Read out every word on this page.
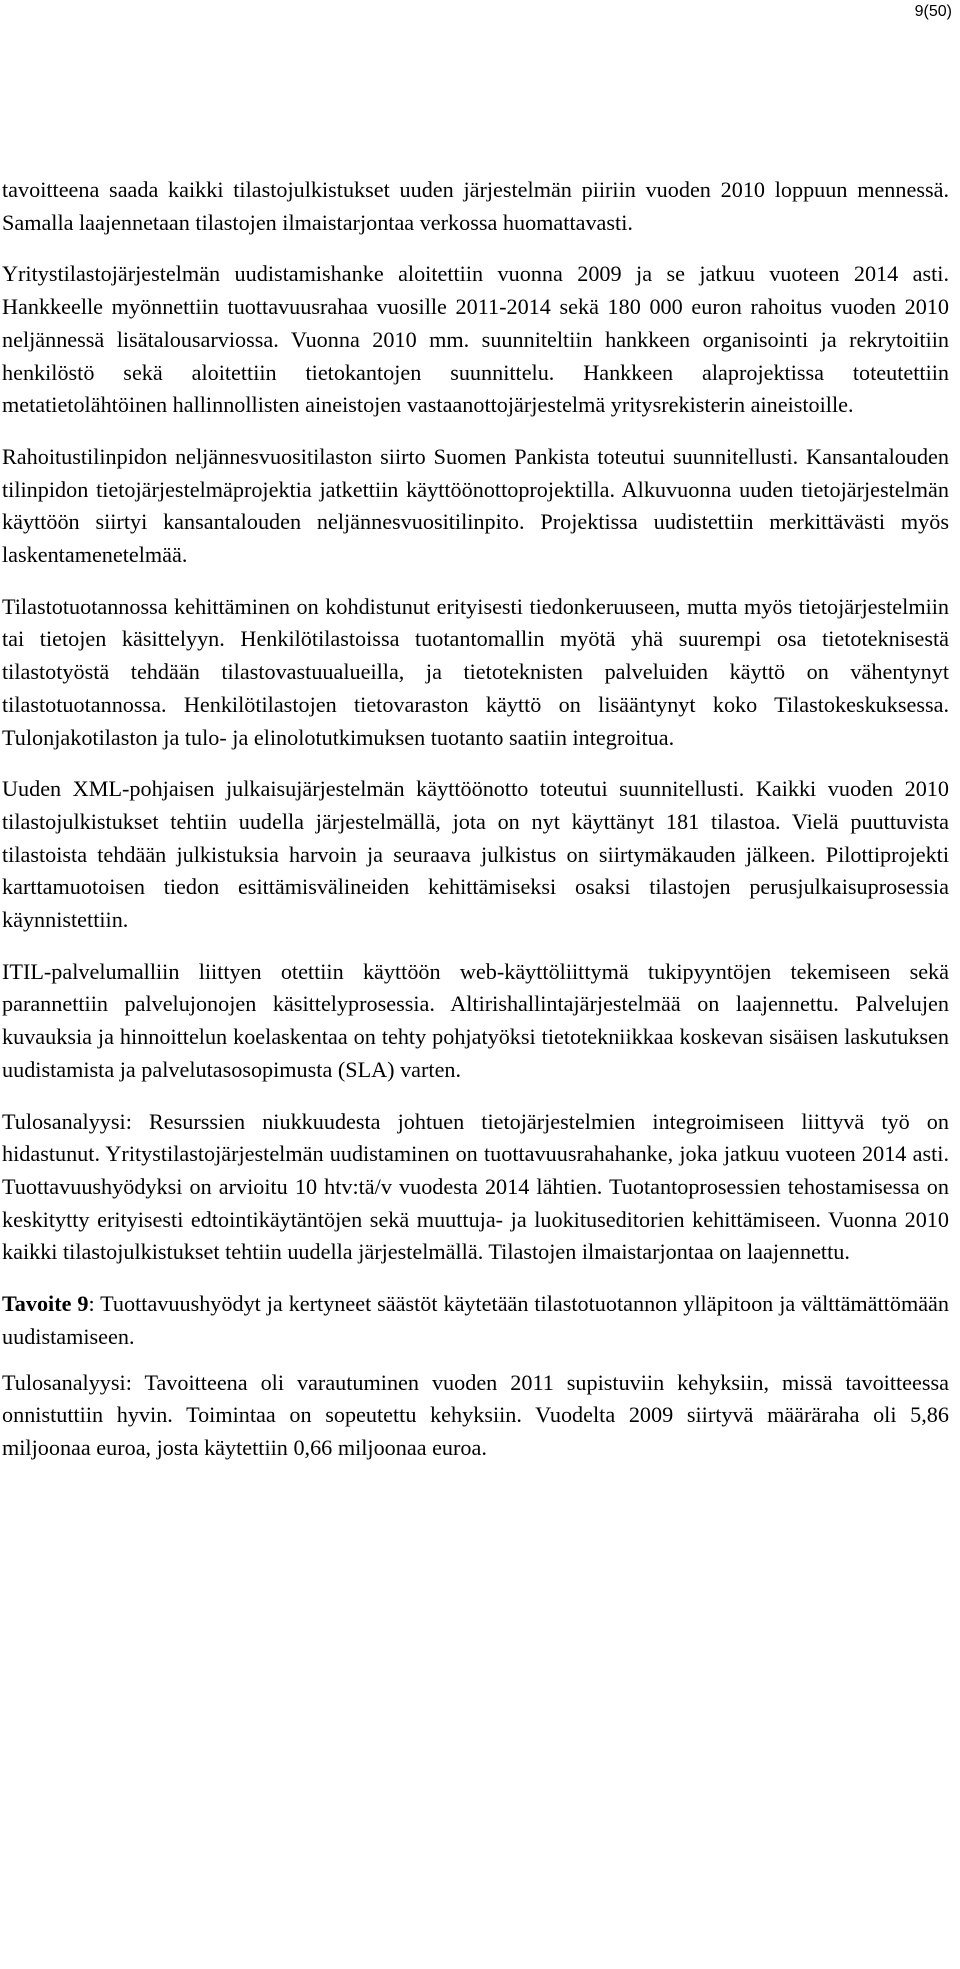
9(50)

tavoitteena saada kaikki tilastojulkistukset uuden järjestelmän piiriin vuoden 2010 loppuun mennessä. Samalla laajennetaan tilastojen ilmaistarjontaa verkossa huomattavasti.

Yritystilastojärjestelmän uudistamishanke aloitettiin vuonna 2009 ja se jatkuu vuoteen 2014 asti. Hankkeelle myönnettiin tuottavuusrahaa vuosille 2011-2014 sekä 180 000 euron rahoitus vuoden 2010 neljännessä lisätalousarviossa. Vuonna 2010 mm. suunniteltiin hankkeen organisointi ja rekrytoitiin henkilöstö sekä aloitettiin tietokantojen suunnittelu. Hankkeen alaprojektissa toteutettiin metatietolähtöinen hallinnollisten aineistojen vastaanottojärjestelmä yritysrekisterin aineistoille.

Rahoitustilinpidon neljännesvuositilaston siirto Suomen Pankista toteutui suunnitellusti. Kansantalouden tilinpidon tietojärjestelmäprojektia jatkettiin käyttöönottoprojektilla. Alkuvuonna uuden tietojärjestelmän käyttöön siirtyi kansantalouden neljännesvuositilinpito. Projektissa uudistettiin merkittävästi myös laskentamenetelmää.

Tilastotuotannossa kehittäminen on kohdistunut erityisesti tiedonkeruuseen, mutta myös tietojärjestelmiin tai tietojen käsittelyyn. Henkilötilastoissa tuotantomallin myötä yhä suurempi osa tietoteknisestä tilastotyöstä tehdään tilastovastuualueilla, ja tietoteknisten palveluiden käyttö on vähentynyt tilastotuotannossa. Henkilötilastojen tietovaraston käyttö on lisääntynyt koko Tilastokeskuksessa. Tulonjakotilaston ja tulo- ja elinolotutkimuksen tuotanto saatiin integroitua.

Uuden XML-pohjaisen julkaisujärjestelmän käyttöönotto toteutui suunnitellusti. Kaikki vuoden 2010 tilastojulkistukset tehtiin uudella järjestelmällä, jota on nyt käyttänyt 181 tilastoa. Vielä puuttuvista tilastoista tehdään julkistuksia harvoin ja seuraava julkistus on siirtymäkauden jälkeen. Pilottiprojekti karttamuotoisen tiedon esittämisvälineiden kehittämiseksi osaksi tilastojen perusjulkaisuprosessia käynnistettiin.

ITIL-palvelumalliin liittyen otettiin käyttöön web-käyttöliittymä tukipyyntöjen tekemiseen sekä parannettiin palvelujonojen käsittelyprosessia. Altirishallintajärjestelmää on laajennettu. Palvelujen kuvauksia ja hinnoittelun koelaskentaa on tehty pohjatyöksi tietotekniikkaa koskevan sisäisen laskutuksen uudistamista ja palvelutasosopimusta (SLA) varten.

Tulosanalyysi: Resurssien niukkuudesta johtuen tietojärjestelmien integroimiseen liittyvä työ on hidastunut. Yritystilastojärjestelmän uudistaminen on tuottavuusrahahanke, joka jatkuu vuoteen 2014 asti. Tuottavuushyödyksi on arvioitu 10 htv:tä/v vuodesta 2014 lähtien. Tuotantoprosessien tehostamisessa on keskitytty erityisesti edtointikäytäntöjen sekä muuttuja- ja luokituseditorien kehittämiseen. Vuonna 2010 kaikki tilastojulkistukset tehtiin uudella järjestelmällä. Tilastojen ilmaistarjontaa on laajennettu.

Tavoite 9: Tuottavuushyödyt ja kertyneet säästöt käytetään tilastotuotannon ylläpitoon ja välttämättömään uudistamiseen.

Tulosanalyysi: Tavoitteena oli varautuminen vuoden 2011 supistuviin kehyksiin, missä tavoitteessa onnistuttiin hyvin. Toimintaa on sopeutettu kehyksiin. Vuodelta 2009 siirtyvä määräraha oli 5,86 miljoonaa euroa, josta käytettiin 0,66 miljoonaa euroa.
